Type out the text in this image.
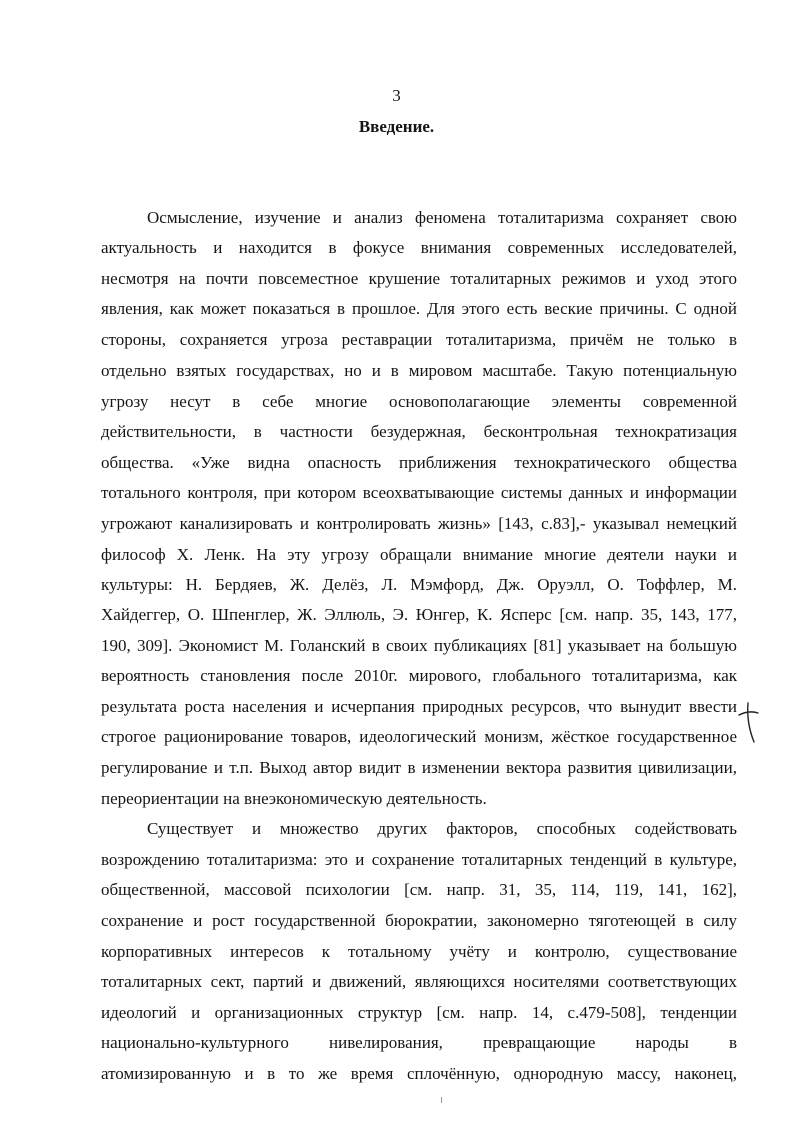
3
Введение.
Осмысление, изучение и анализ феномена тоталитаризма сохраняет свою
актуальность и находится в фокусе внимания современных исследователей,
несмотря на почти повсеместное крушение тоталитарных режимов и уход этого
явления, как может показаться в прошлое. Для этого есть веские причины. С одной
стороны, сохраняется угроза реставрации тоталитаризма, причём не только в
отдельно взятых государствах, но и в мировом масштабе. Такую потенциальную
угрозу несут в себе многие основополагающие элементы современной
действительности, в частности безудержная, бесконтрольная технократизация
общества. «Уже видна опасность приближения технократического общества
тотального контроля, при котором всеохватывающие системы данных и информации
угрожают канализировать и контролировать жизнь» [143, с.83],- указывал немецкий
философ X. Ленк. На эту угрозу обращали внимание многие деятели науки и
культуры: Н. Бердяев, Ж. Делёз, Л. Мэмфорд, Дж. Оруэлл, О. Тоффлер, М.
Хайдеггер, О. Шпенглер, Ж. Эллюль, Э. Юнгер, К. Ясперс [см. напр. 35, 143, 177,
190, 309]. Экономист М. Голанский в своих публикациях [81] указывает на большую
вероятность становления после 2010г. мирового, глобального тоталитаризма, как
результата роста населения и исчерпания природных ресурсов, что вынудит ввести
строгое рационирование товаров, идеологический монизм, жёсткое государственное
регулирование и т.п. Выход автор видит в изменении вектора развития цивилизации,
переориентации на внеэкономическую деятельность.
Существует и множество других факторов, способных содействовать
возрождению тоталитаризма: это и сохранение тоталитарных тенденций в культуре,
общественной, массовой психологии [см. напр. 31, 35, 114, 119, 141, 162],
сохранение и рост государственной бюрократии, закономерно тяготеющей в силу
корпоративных интересов к тотальному учёту и контролю, существование
тоталитарных сект, партий и движений, являющихся носителями соответствующих
идеологий и организационных структур [см. напр. 14, с.479-508], тенденции
национально-культурного нивелирования, превращающие народы в
атомизированную и в то же время сплочённую, однородную массу, наконец,
